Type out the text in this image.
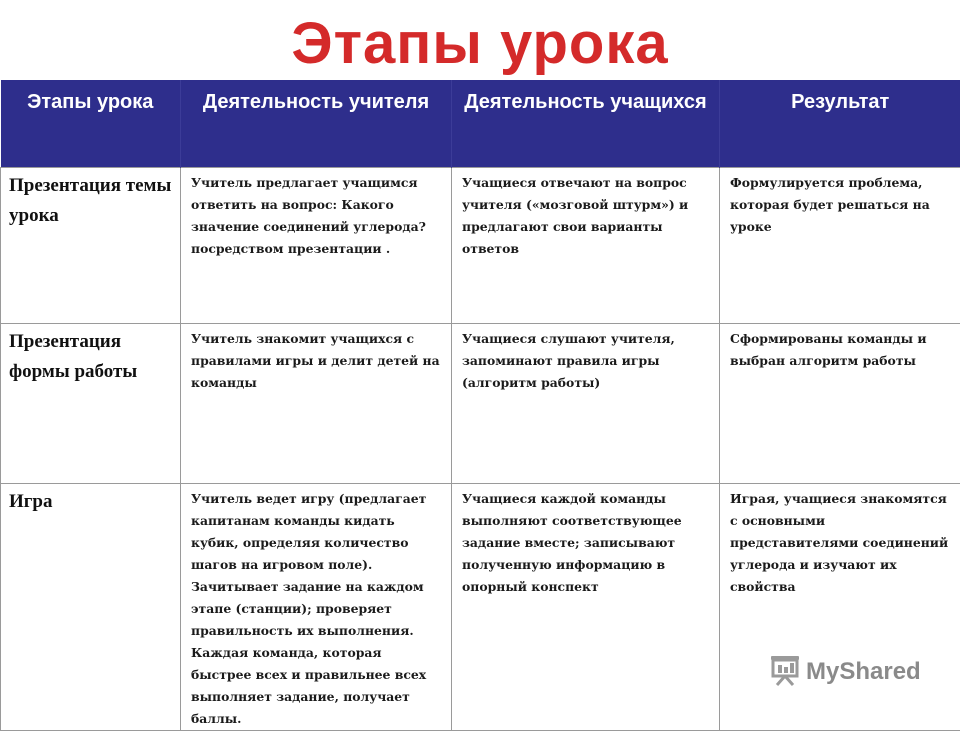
Этапы урока
Этапы урока	Деятельность учителя	Деятельность учащихся	Результат
Презентация темы урока	Учитель предлагает учащимся ответить на вопрос: Какого значение соединений углерода? посредством презентации .	Учащиеся отвечают на вопрос учителя («мозговой штурм») и предлагают свои варианты ответов	Формулируется проблема, которая будет решаться на уроке
Презентация формы работы	Учитель знакомит учащихся с правилами игры и делит детей на команды	Учащиеся слушают учителя, запоминают правила игры (алгоритм работы)	Сформированы команды и выбран алгоритм работы
Игра	Учитель ведет игру (предлагает капитанам команды кидать кубик, определяя количество шагов на игровом поле). Зачитывает задание на каждом этапе (станции); проверяет правильность их выполнения. Каждая команда, которая быстрее всех и правильнее всех выполняет задание, получает баллы.	Учащиеся каждой команды выполняют соответствующее задание вместе; записывают полученную информацию в опорный конспект	Играя, учащиеся знакомятся с основными представителями соединений углерода и изучают их свойства
MyShared
